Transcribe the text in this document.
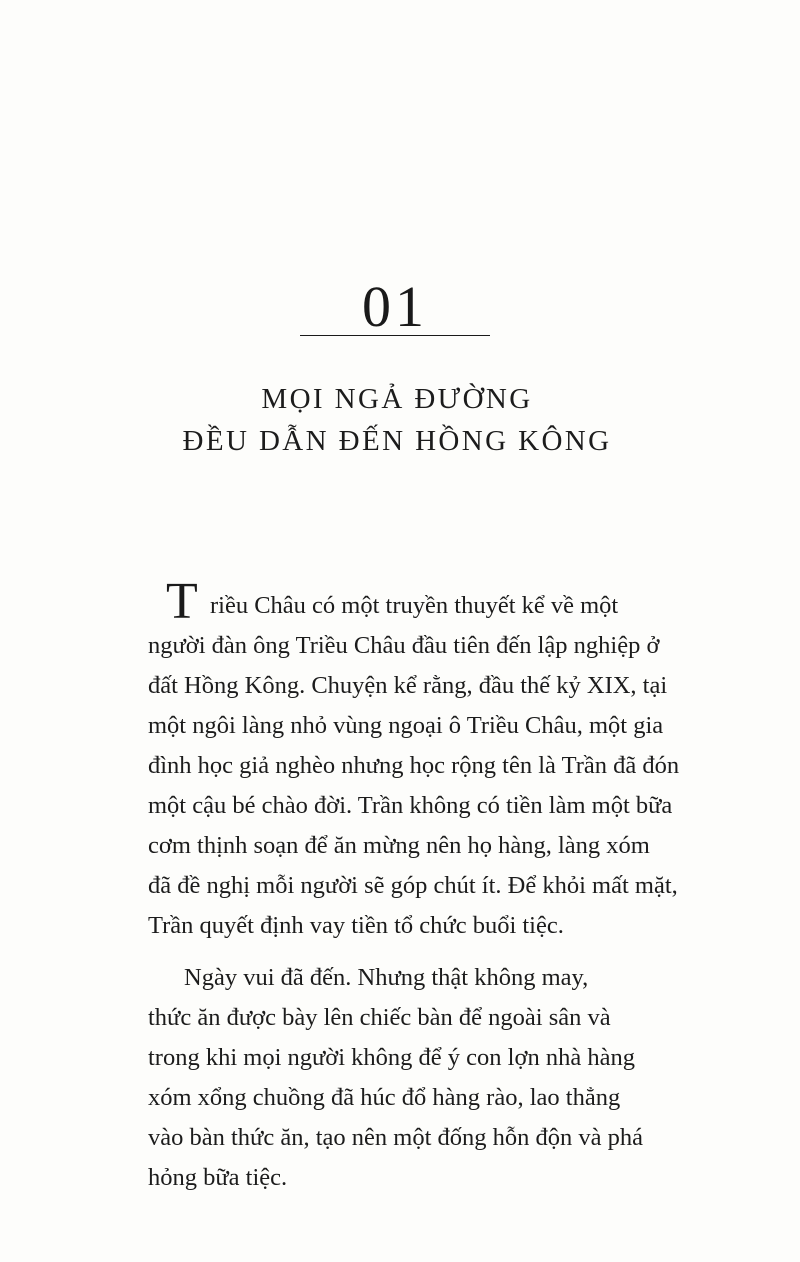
01
MỌI NGẢ ĐƯỜNG
ĐỀU DẪN ĐẾN HỒNG KÔNG
T riều Châu có một truyền thuyết kể về một
người đàn ông Triều Châu đầu tiên đến lập nghiệp ở
đất Hồng Kông. Chuyện kể rằng, đầu thế kỷ XIX, tại
một ngôi làng nhỏ vùng ngoại ô Triều Châu, một gia
đình học giả nghèo nhưng học rộng tên là Trần đã đón
một cậu bé chào đời. Trần không có tiền làm một bữa
cơm thịnh soạn để ăn mừng nên họ hàng, làng xóm
đã đề nghị mỗi người sẽ góp chút ít. Để khỏi mất mặt,
Trần quyết định vay tiền tổ chức buổi tiệc.
Ngày vui đã đến. Nhưng thật không may,
thức ăn được bày lên chiếc bàn để ngoài sân và
trong khi mọi người không để ý con lợn nhà hàng
xóm xổng chuồng đã húc đổ hàng rào, lao thẳng
vào bàn thức ăn, tạo nên một đống hỗn độn và phá
hỏng bữa tiệc.
